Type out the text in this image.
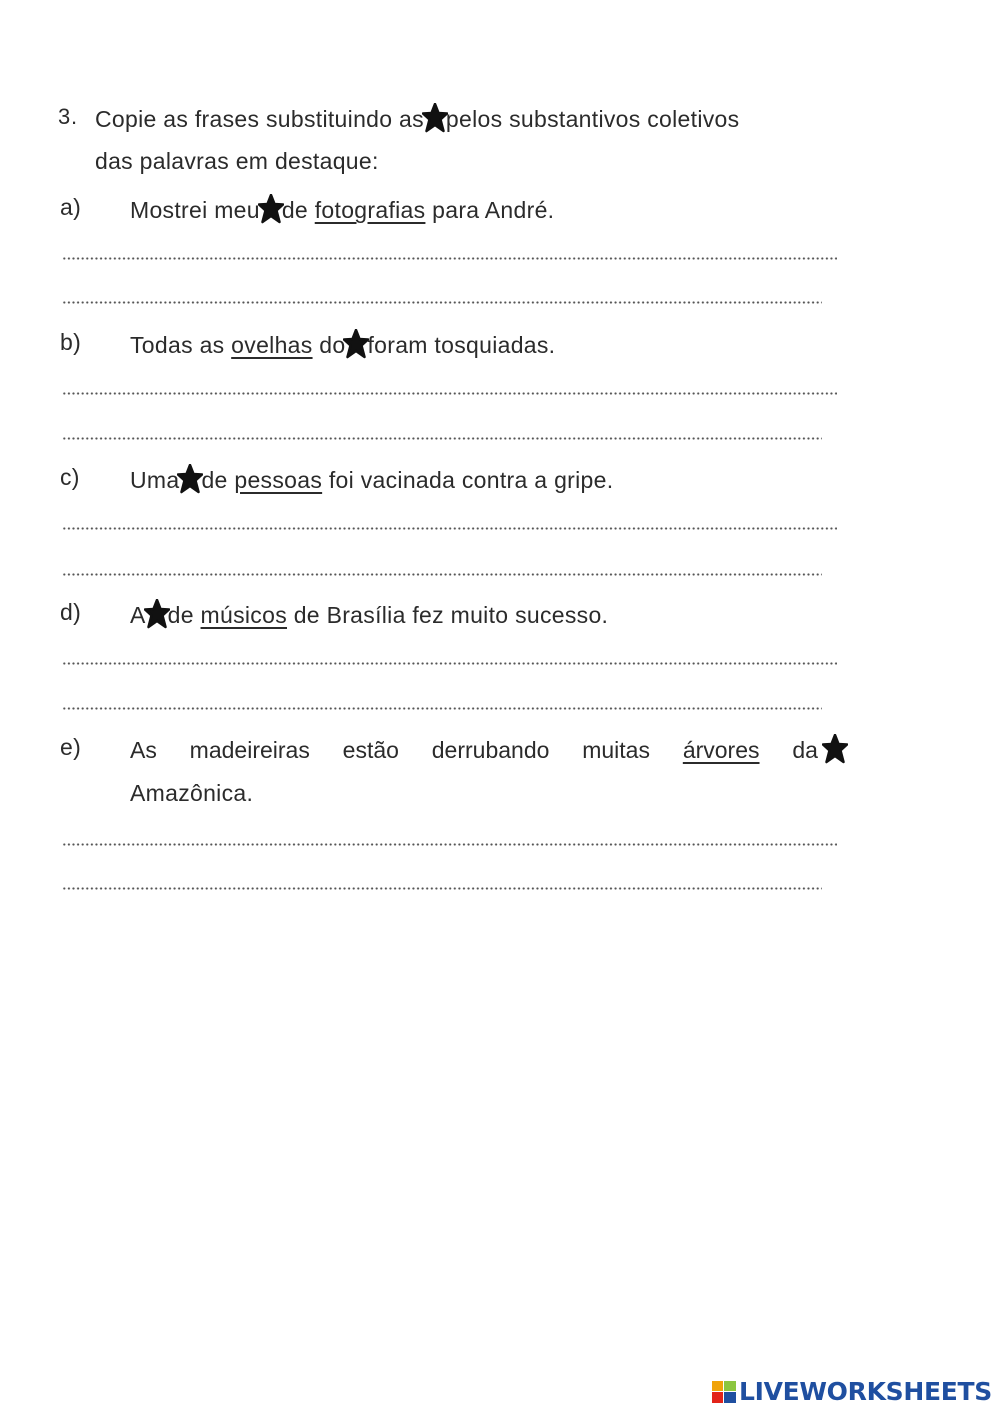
3 . Copie as frases substituindo as pelos substantivos coletivos
das palavras em destaque:
a) Mostrei meu de fotografias para André.
b) Todas as ovelhas do foram tosquiadas.
c) Uma de pessoas foi vacinada contra a gripe.
d) A de músicos de Brasília fez muito sucesso.
e) As madeireiras estão derrubando muitas árvores da
Amazônica.
LIVEWORKSHEETS
